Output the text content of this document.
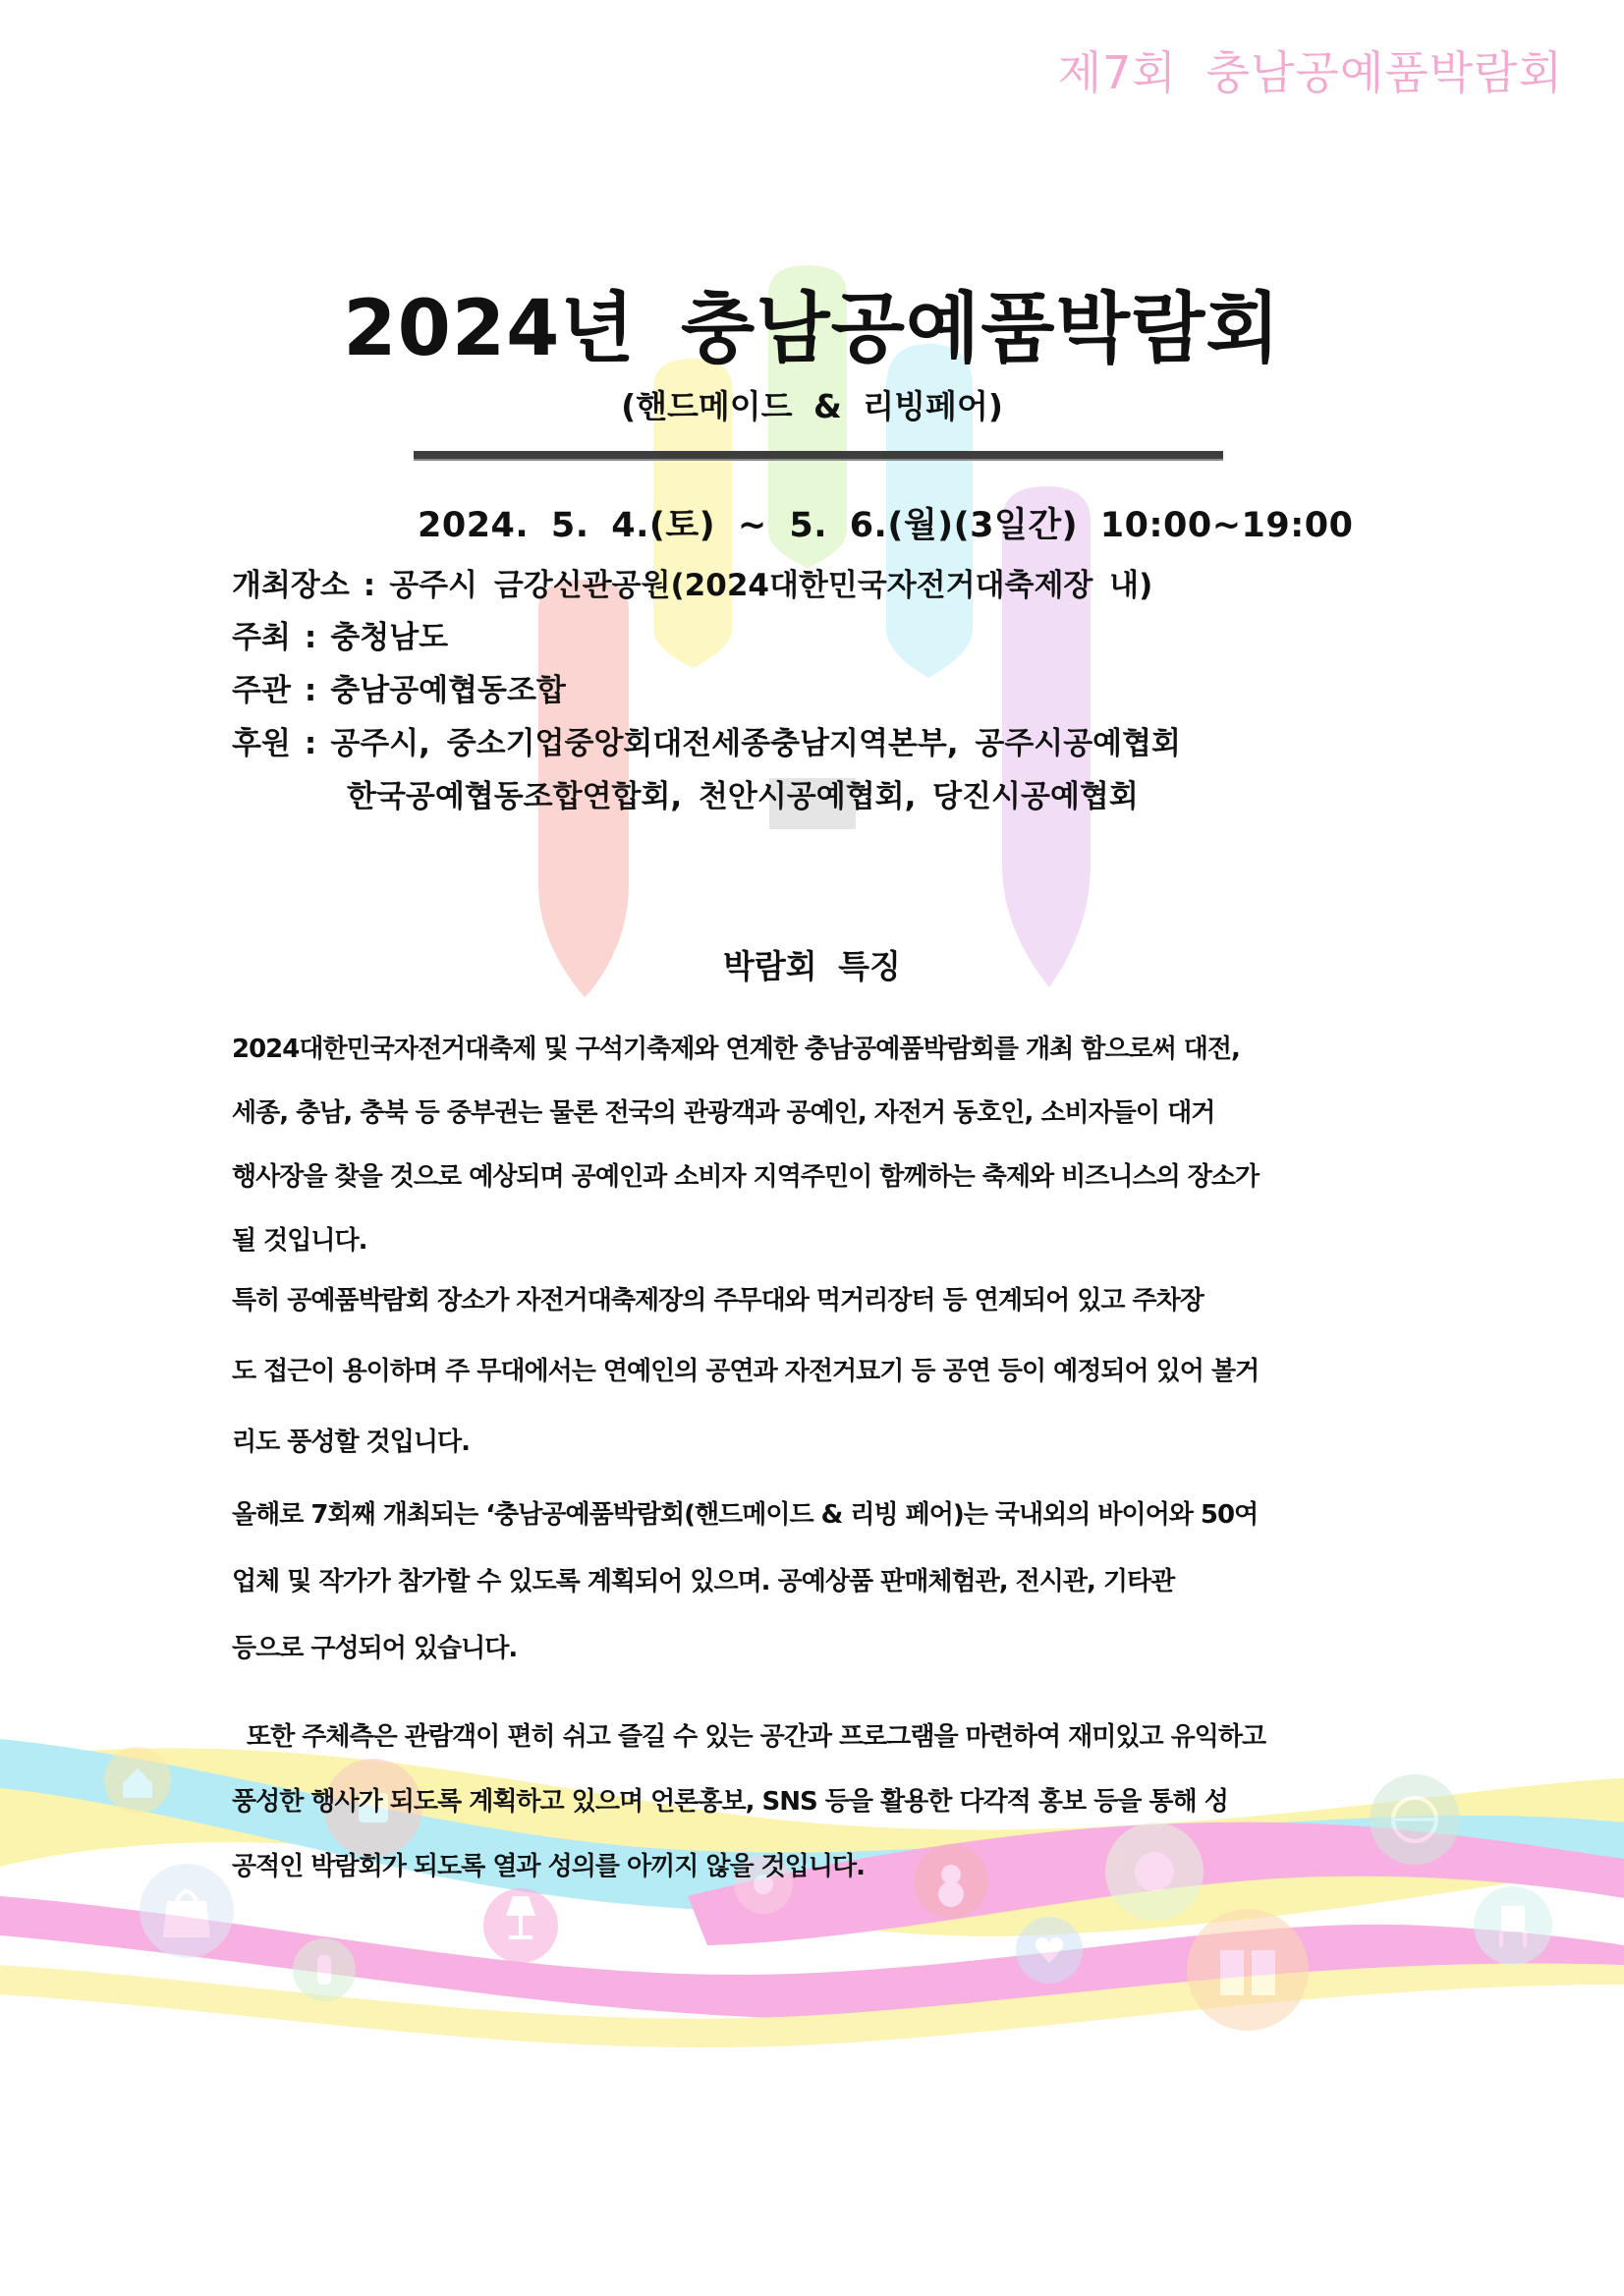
제7회 충남공예품박람회
2024년 충남공예품박람회
(핸드메이드 & 리빙페어)
2024. 5. 4.(토) ~ 5. 6.(월)(3일간) 10:00~19:00
개최장소 : 공주시 금강신관공원(2024대한민국자전거대축제장 내)
주최 : 충청남도
주관 : 충남공예협동조합
후원 : 공주시, 중소기업중앙회대전세종충남지역본부, 공주시공예협회
한국공예협동조합연합회, 천안시공예협회, 당진시공예협회
박람회 특징
2024대한민국자전거대축제 및 구석기축제와 연계한 충남공예품박람회를 개최 함으로써 대전,
세종, 충남, 충북 등 중부권는 물론 전국의 관광객과 공예인, 자전거 동호인, 소비자들이 대거
행사장을 찾을 것으로 예상되며 공예인과 소비자 지역주민이 함께하는 축제와 비즈니스의 장소가
될 것입니다.
특히 공예품박람회 장소가 자전거대축제장의 주무대와 먹거리장터 등 연계되어 있고 주차장
도 접근이 용이하며 주 무대에서는 연예인의 공연과 자전거묘기 등 공연 등이 예정되어 있어 볼거
리도 풍성할 것입니다.
올해로 7회째 개최되는 ‘충남공예품박람회(핸드메이드 & 리빙 페어)는 국내외의 바이어와 50여
업체 및 작가가 참가할 수 있도록 계획되어 있으며. 공예상품 판매체험관, 전시관, 기타관
등으로 구성되어 있습니다.
또한 주체측은 관람객이 편히 쉬고 즐길 수 있는 공간과 프로그램을 마련하여 재미있고 유익하고
풍성한 행사가 되도록 계획하고 있으며 언론홍보, SNS 등을 활용한 다각적 홍보 등을 통해 성
공적인 박람회가 되도록 열과 성의를 아끼지 않을 것입니다.
